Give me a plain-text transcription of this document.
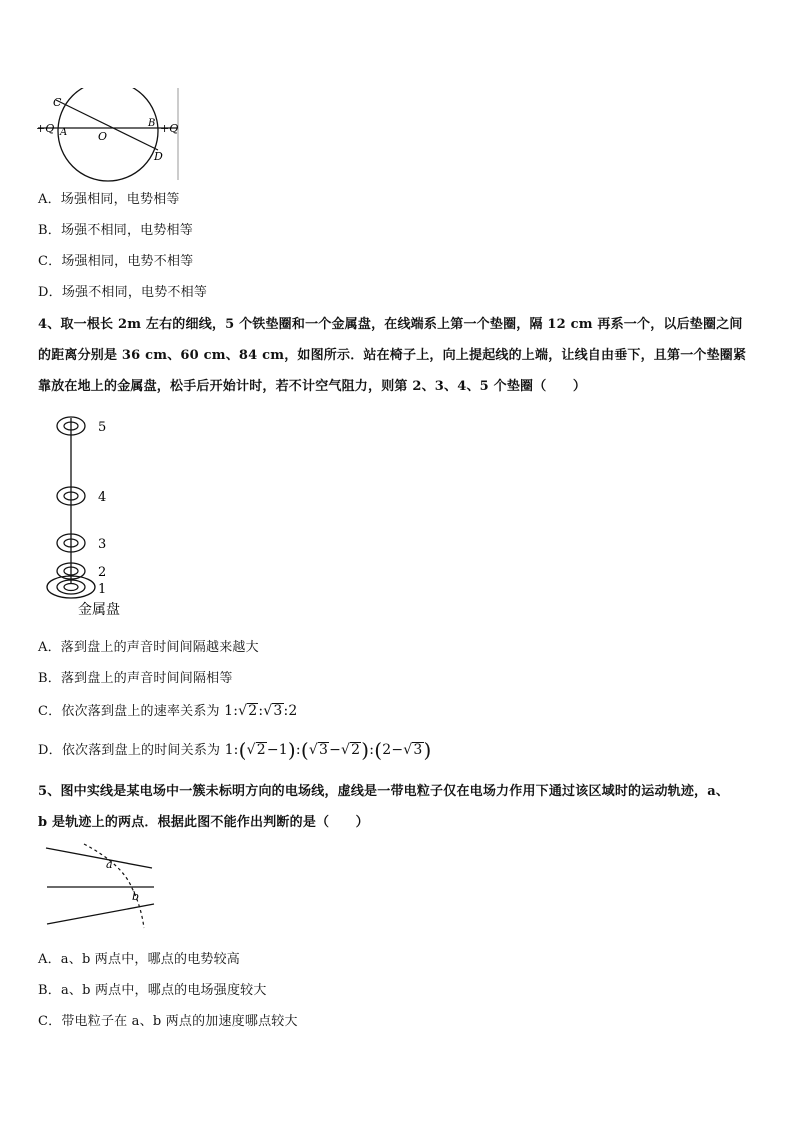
C
+Q A	O
B +Q
D
A．场强相同，电势相等
B．场强不相同，电势相等
C．场强相同，电势不相等
D．场强不相同，电势不相等
4、取一根长 2m 左右的细线，5 个铁垫圈和一个金属盘，在线端系上第一个垫圈，隔 12 cm 再系一个，以后垫圈之间
的距离分别是 36 cm、60 cm、84 cm，如图所示．站在椅子上，向上提起线的上端，让线自由垂下，且第一个垫圈紧
靠放在地上的金属盘，松手后开始计时，若不计空气阻力，则第 2、3、4、5 个垫圈（　　）
5
4
3
2
1
金属盘
A．落到盘上的声音时间间隔越来越大
B．落到盘上的声音时间间隔相等
C．依次落到盘上的速率关系为 1:√2:√3:2
D．依次落到盘上的时间关系为 1:(√2−1):(√3−√2):(2−√3)
5、图中实线是某电场中一簇未标明方向的电场线，虚线是一带电粒子仅在电场力作用下通过该区域时的运动轨迹，a、
b 是轨迹上的两点．根据此图不能作出判断的是（　　）
a
b
A．a、b 两点中，哪点的电势较高
B．a、b 两点中，哪点的电场强度较大
C．带电粒子在 a、b 两点的加速度哪点较大
